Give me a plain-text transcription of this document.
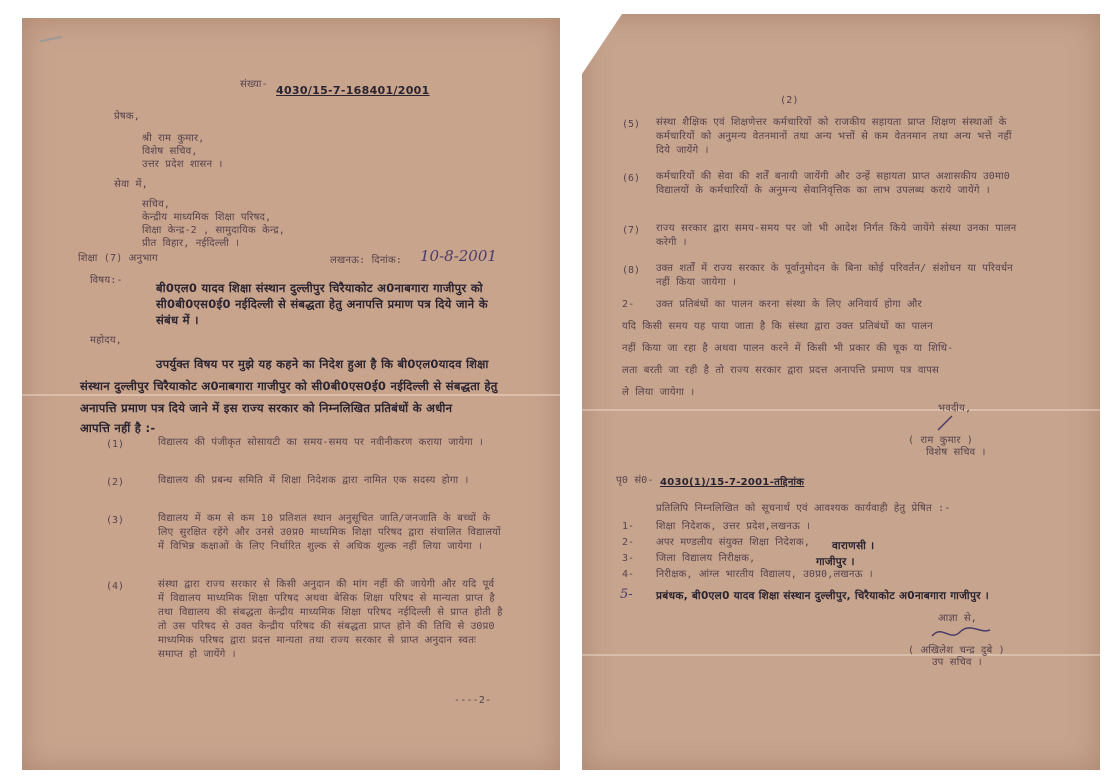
संख्या- 4030/15-7-168401/2001
प्रेषक,
श्री राम कुमार,
विशेष सचिव,
उत्तर प्रदेश शासन ।
सेवा में,
सचिव,
केन्द्रीय माध्यमिक शिक्षा परिषद,
शिक्षा केन्द्र-2 , सामुदायिक केन्द्र,
प्रीत विहार, नईदिल्ली ।
शिक्षा (7) अनुभाग	लखनऊ: दिनांक: 10-8-2001
विषय:-
बी0एल0 यादव शिक्षा संस्थान दुल्लीपुर चिरैयाकोट अ0नाबगारा गाजीपुर को
सी0बी0एस0ई0 नईदिल्ली से संबद्धता हेतु अनापत्ति प्रमाण पत्र दिये जाने के
संबंध में ।
महोदय,
उपर्युक्त विषय पर मुझे यह कहने का निदेश हुआ है कि बी0एल0यादव शिक्षा
संस्थान दुल्लीपुर चिरैयाकोट अ0नाबगारा गाजीपुर को सी0बी0एस0ई0 नईदिल्ली से संबद्धता हेतु
अनापत्ति प्रमाण पत्र दिये जाने में इस राज्य सरकार को निम्नलिखित प्रतिबंधों के अधीन
आपत्ति नहीं है :-
(1)	विद्यालय की पंजीकृत सोसायटी का समय-समय पर नवीनीकरण कराया जायेगा ।
(2)	विद्यालय की प्रबन्ध समिति में शिक्षा निदेशक द्वारा नामित एक सदस्य होगा ।
(3)	विद्यालय में कम से कम 10 प्रतिशत स्थान अनुसूचित जाति/जनजाति के बच्चों के लिए सुरक्षित रहेंगे और उनसे उ0प्र0 माध्यमिक शिक्षा परिषद द्वारा संचालित विद्यालयों में विभिन्न कक्षाओं के लिए निर्धारित शुल्क से अधिक शुल्क नहीं लिया जायेगा ।
(4)	संस्था द्वारा राज्य सरकार से किसी अनुदान की मांग नहीं की जायेगी और यदि पूर्व में विद्यालय माध्यमिक शिक्षा परिषद अथवा बेसिक शिक्षा परिषद से मान्यता प्राप्त है तथा विद्यालय की संबद्धता केन्द्रीय माध्यमिक शिक्षा परिषद नईदिल्ली से प्राप्त होती है तो उस परिषद से उक्त केन्द्रीय परिषद की संबद्धता प्राप्त होने की तिथि से उ0प्र0 माध्यमिक परिषद द्वारा प्रदत्त मान्यता तथा राज्य सरकार से प्राप्त अनुदान स्वतः समाप्त हो जायेंगे ।
----2-
(2)
(5) संस्था शैक्षिक एवं शिक्षणेत्तर कर्मचारियों को राजकीय सहायता प्राप्त शिक्षण संस्थाओं के कर्मचारियों को अनुमन्य वेतनमानों तथा अन्य भत्तों से कम वेतनमान तथा अन्य भत्ते नहीं दिये जायेंगे ।
(6) कर्मचारियों की सेवा की शर्तें बनायी जायेंगी और उन्हें सहायता प्राप्त अशासकीय उ0मा0 विद्यालयों के कर्मचारियों के अनुमन्य सेवानिवृत्तिक का लाभ उपलब्ध कराये जायेंगे ।
(7) राज्य सरकार द्वारा समय-समय पर जो भी आदेश निर्गत किये जायेंगे संस्था उनका पालन करेगी ।
(8) उक्त शर्तों में राज्य सरकार के पूर्वानुमोदन के बिना कोई परिवर्तन/ संशोधन या परिवर्धन नहीं किया जायेगा ।
2- उक्त प्रतिबंधों का पालन करना संस्था के लिए अनिवार्य होगा और
यदि किसी समय यह पाया जाता है कि संस्था द्वारा उक्त प्रतिबंधों का पालन
नहीं किया जा रहा है अथवा पालन करने में किसी भी प्रकार की चूक या शिथि-
लता बरती जा रही है तो राज्य सरकार द्वारा प्रदत्त अनापत्ति प्रमाण पत्र वापस
ले लिया जायेगा ।
भवदीय,
( राम कुमार )
विशेष सचिव ।
पृ0 सं0- 4030(1)/15-7-2001-तद्दिनांक
प्रतिलिपि निम्नलिखित को सूचनार्थ एवं आवश्यक कार्यवाही हेतु प्रेषित :-
1- शिक्षा निदेशक, उत्तर प्रदेश,लखनऊ ।
2- अपर मण्डलीय संयुक्त शिक्षा निदेशक, वाराणसी ।
3- जिला विद्यालय निरीक्षक,	गाजीपुर ।
4- निरीक्षक, आंग्ल भारतीय विद्यालय, उ0प्र0,लखनऊ ।
5- प्रबंधक, बी0एल0 यादव शिक्षा संस्थान दुल्लीपुर, चिरैयाकोट अ0नाबगारा गाजीपुर ।
आज्ञा से,
( अखिलेश चन्द्र दुबे )
उप सचिव ।
